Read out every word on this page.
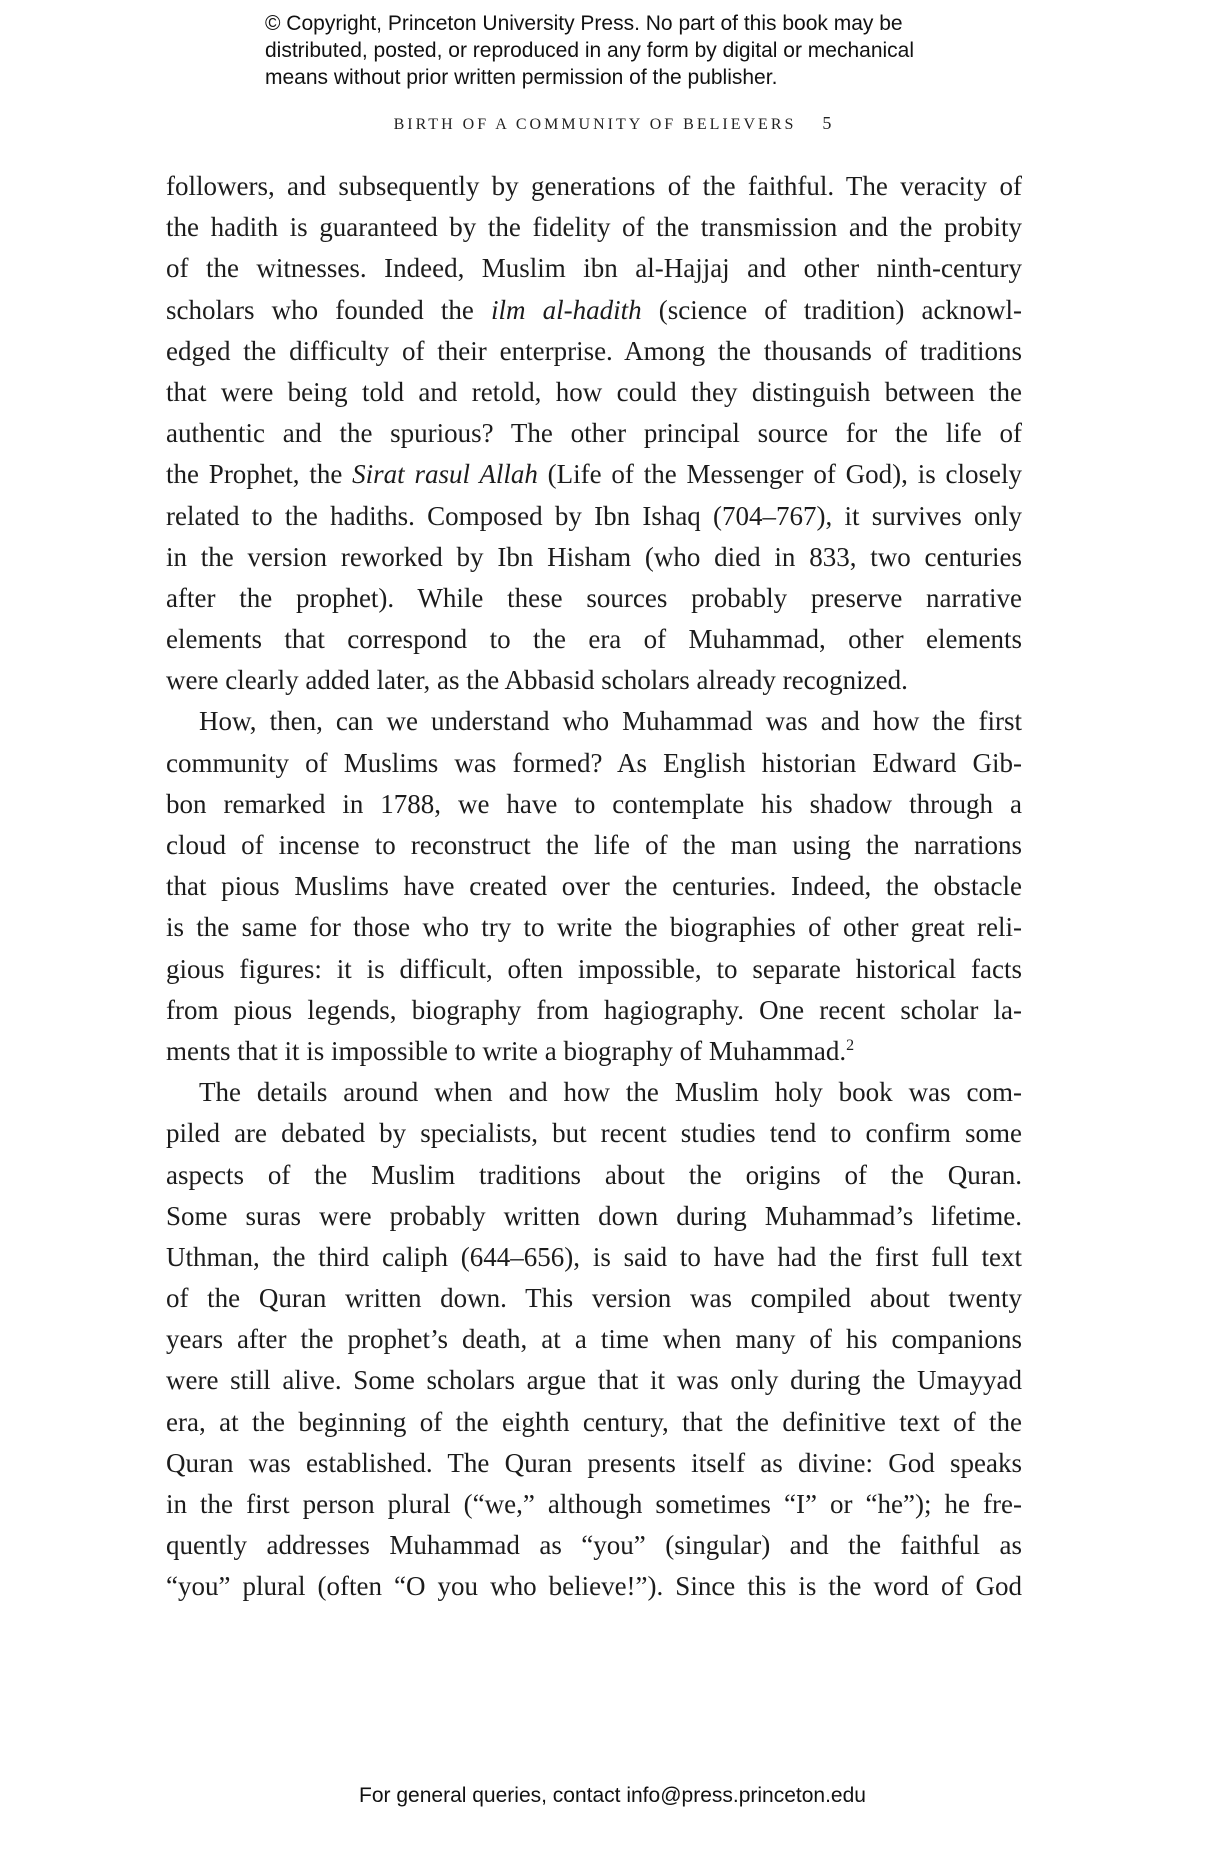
© Copyright, Princeton University Press. No part of this book may be
distributed, posted, or reproduced in any form by digital or mechanical
means without prior written permission of the publisher.
BIRTH OF A COMMUNITY OF BELIEVERS 5
followers, and subsequently by generations of the faithful. The veracity of
the hadith is guaranteed by the fidelity of the transmission and the probity
of the witnesses. Indeed, Muslim ibn al-Hajjaj and other ninth-century
scholars who founded the ilm al-hadith (science of tradition) acknowl-
edged the difficulty of their enterprise. Among the thousands of traditions
that were being told and retold, how could they distinguish between the
authentic and the spurious? The other principal source for the life of
the Prophet, the Sirat rasul Allah (Life of the Messenger of God), is closely
related to the hadiths. Composed by Ibn Ishaq (704–767), it survives only
in the version reworked by Ibn Hisham (who died in 833, two centuries
after the prophet). While these sources probably preserve narrative
elements that correspond to the era of Muhammad, other elements
were clearly added later, as the Abbasid scholars already recognized.
How, then, can we understand who Muhammad was and how the first
community of Muslims was formed? As English historian Edward Gib-
bon remarked in 1788, we have to contemplate his shadow through a
cloud of incense to reconstruct the life of the man using the narrations
that pious Muslims have created over the centuries. Indeed, the obstacle
is the same for those who try to write the biographies of other great reli-
gious figures: it is difficult, often impossible, to separate historical facts
from pious legends, biography from hagiography. One recent scholar la-
ments that it is impossible to write a biography of Muhammad.$^2$
The details around when and how the Muslim holy book was com-
piled are debated by specialists, but recent studies tend to confirm some
aspects of the Muslim traditions about the origins of the Quran.
Some suras were probably written down during Muhammad’s lifetime.
Uthman, the third caliph (644–656), is said to have had the first full text
of the Quran written down. This version was compiled about twenty
years after the prophet’s death, at a time when many of his companions
were still alive. Some scholars argue that it was only during the Umayyad
era, at the beginning of the eighth century, that the definitive text of the
Quran was established. The Quran presents itself as divine: God speaks
in the first person plural (“we,” although sometimes “I” or “he”); he fre-
quently addresses Muhammad as “you” (singular) and the faithful as
“you” plural (often “O you who believe!”). Since this is the word of God
For general queries, contact info@press.princeton.edu
